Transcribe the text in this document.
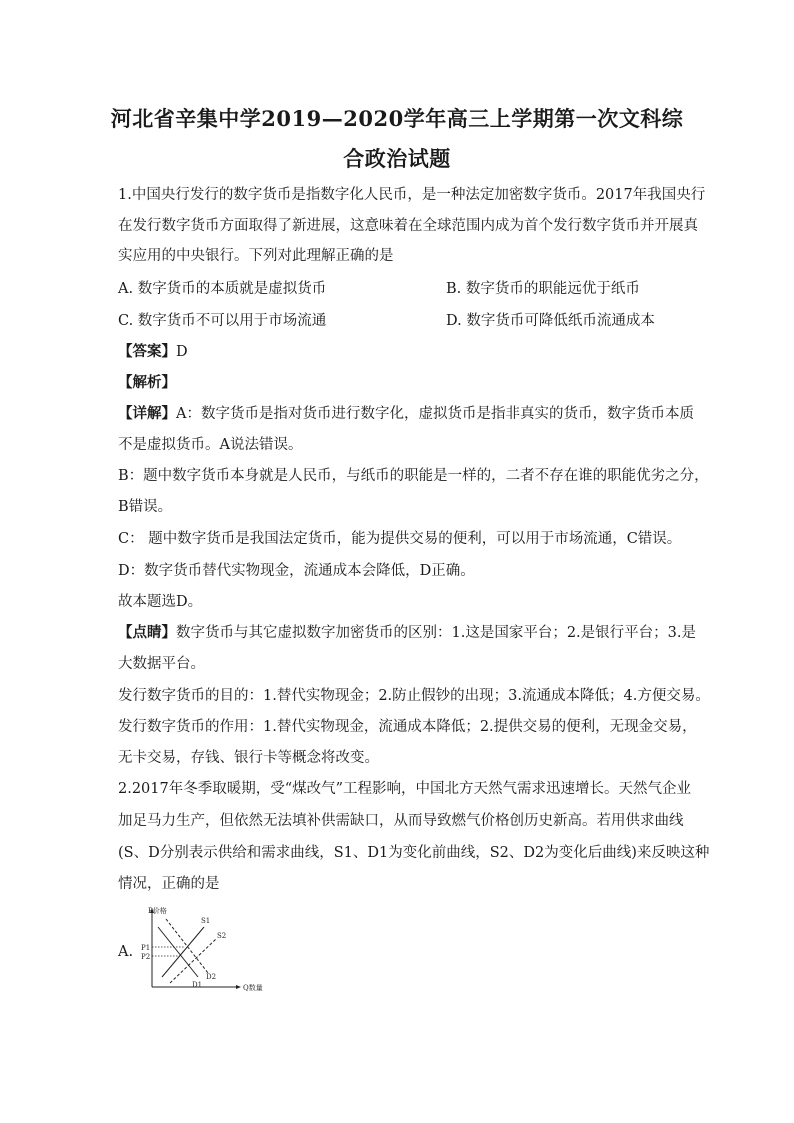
河北省辛集中学2019—2020学年高三上学期第一次文科综
合政治试题
1.中国央行发行的数字货币是指数字化人民币，是一种法定加密数字货币。2017年我国央行
在发行数字货币方面取得了新进展，这意味着在全球范围内成为首个发行数字货币并开展真
实应用的中央银行。下列对此理解正确的是
A. 数字货币的本质就是虚拟货币	B. 数字货币的职能远优于纸币
C. 数字货币不可以用于市场流通	D. 数字货币可降低纸币流通成本
【答案】D
【解析】
【详解】A：数字货币是指对货币进行数字化，虚拟货币是指非真实的货币，数字货币本质
不是虚拟货币。A说法错误。
B：题中数字货币本身就是人民币，与纸币的职能是一样的，二者不存在谁的职能优劣之分，
B错误。
C： 题中数字货币是我国法定货币，能为提供交易的便利，可以用于市场流通，C错误。
D：数字货币替代实物现金，流通成本会降低，D正确。
故本题选D。
【点睛】数字货币与其它虚拟数字加密货币的区别：1.这是国家平台；2.是银行平台；3.是
大数据平台。
发行数字货币的目的：1.替代实物现金；2.防止假钞的出现；3.流通成本降低；4.方便交易。
发行数字货币的作用：1.替代实物现金，流通成本降低；2.提供交易的便利，无现金交易，
无卡交易，存钱、银行卡等概念将改变。
2.2017年冬季取暖期，受“煤改气”工程影响，中国北方天然气需求迅速增长。天然气企业
加足马力生产，但依然无法填补供需缺口，从而导致燃气价格创历史新高。若用供求曲线
(S、D分别表示供给和需求曲线，S1、D1为变化前曲线，S2、D2为变化后曲线)来反映这种
情况，正确的是
A.
P价格
Q数量
S1
S2
D1
D2
P1
P2
